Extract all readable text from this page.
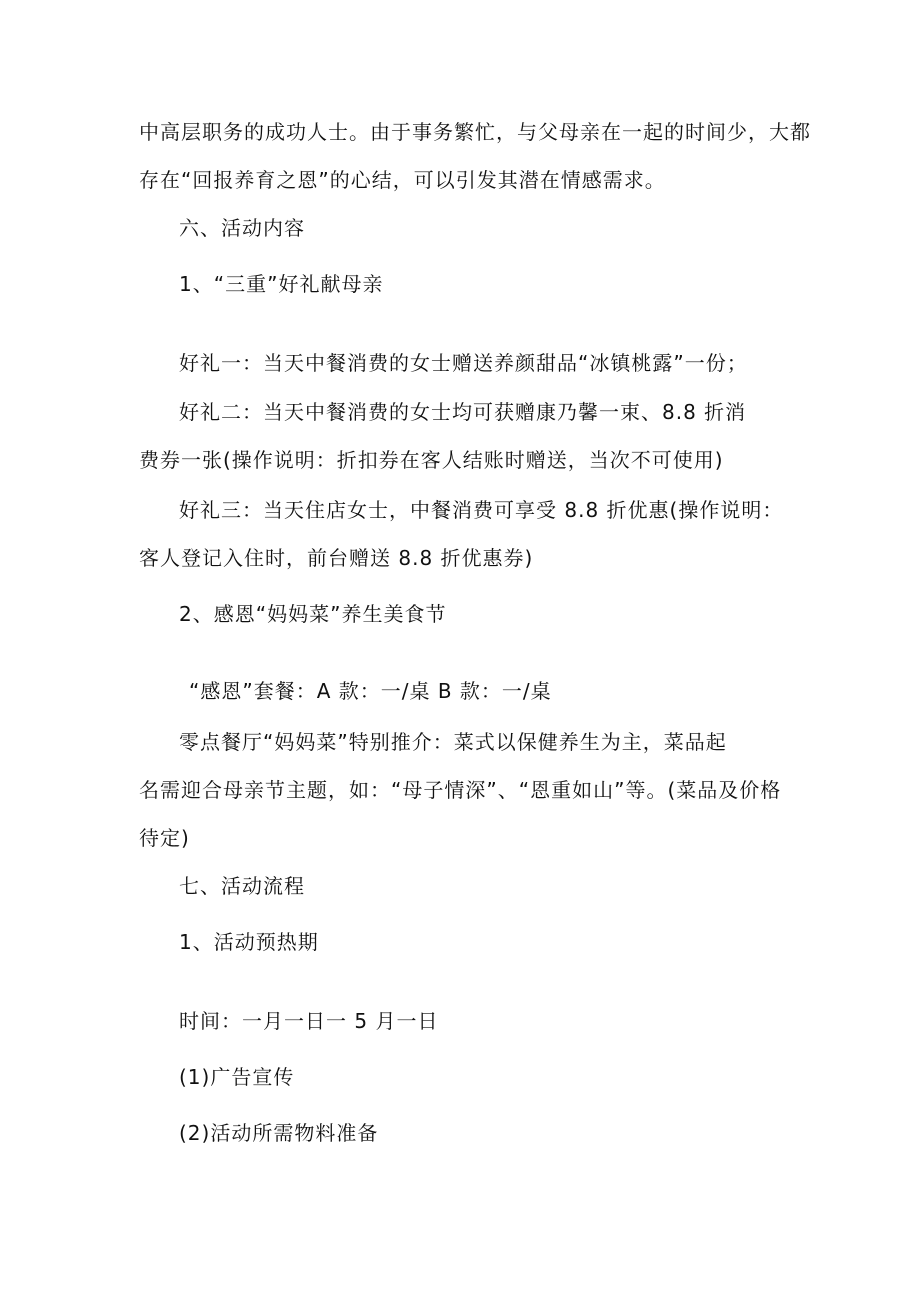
中高层职务的成功人士。由于事务繁忙，与父母亲在一起的时间少，大都
存在“回报养育之恩”的心结，可以引发其潜在情感需求。
六、活动内容
1、“三重”好礼献母亲
好礼一：当天中餐消费的女士赠送养颜甜品“冰镇桃露”一份；
好礼二：当天中餐消费的女士均可获赠康乃馨一束、8.8 折消
费券一张(操作说明：折扣券在客人结账时赠送，当次不可使用)
好礼三：当天住店女士，中餐消费可享受 8.8 折优惠(操作说明：
客人登记入住时，前台赠送 8.8 折优惠券)
2、感恩“妈妈菜”养生美食节
“感恩”套餐：A 款：一/桌 B 款：一/桌
零点餐厅“妈妈菜”特别推介：菜式以保健养生为主，菜品起
名需迎合母亲节主题，如：“母子情深”、“恩重如山”等。(菜品及价格
待定)
七、活动流程
1、活动预热期
时间：一月一日一 5 月一日
(1)广告宣传
(2)活动所需物料准备
